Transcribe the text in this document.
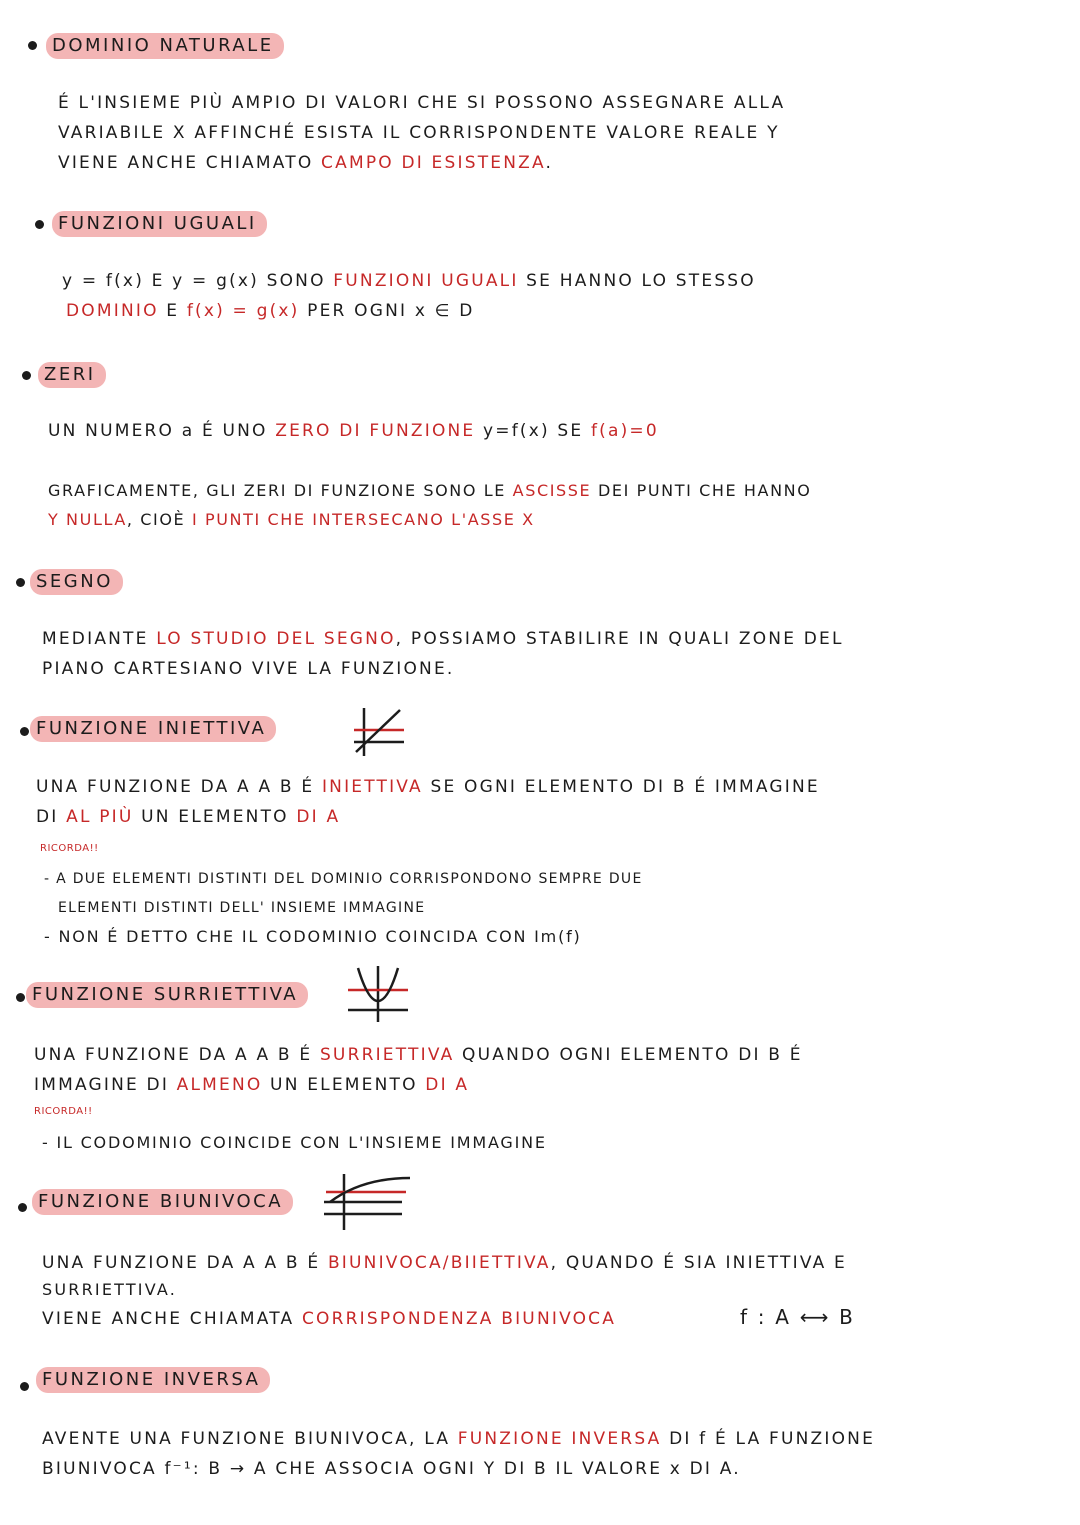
DOMINIO NATURALE
É L'INSIEME PIÙ AMPIO DI VALORI CHE SI POSSONO ASSEGNARE ALLA
VARIABILE X AFFINCHÉ ESISTA IL CORRISPONDENTE VALORE REALE Y
VIENE ANCHE CHIAMATO CAMPO DI ESISTENZA.
FUNZIONI UGUALI
y = f(x) E y = g(x) SONO FUNZIONI UGUALI SE HANNO LO STESSO
DOMINIO E f(x) = g(x) PER OGNI x ∈ D
ZERI
UN NUMERO a É UNO ZERO DI FUNZIONE y=f(x) SE f(a)=0
GRAFICAMENTE, GLI ZERI DI FUNZIONE SONO LE ASCISSE DEI PUNTI CHE HANNO
Y NULLA, CIOÈ I PUNTI CHE INTERSECANO L'ASSE X
SEGNO
MEDIANTE LO STUDIO DEL SEGNO, POSSIAMO STABILIRE IN QUALI ZONE DEL
PIANO CARTESIANO VIVE LA FUNZIONE.
FUNZIONE INIETTIVA
UNA FUNZIONE DA A A B É INIETTIVA SE OGNI ELEMENTO DI B É IMMAGINE
DI AL PIÙ UN ELEMENTO DI A
RICORDA!!
- A DUE ELEMENTI DISTINTI DEL DOMINIO CORRISPONDONO SEMPRE DUE
ELEMENTI DISTINTI DELL' INSIEME IMMAGINE
- NON É DETTO CHE IL CODOMINIO COINCIDA CON Im(f)
FUNZIONE SURRIETTIVA
UNA FUNZIONE DA A A B É SURRIETTIVA QUANDO OGNI ELEMENTO DI B É
IMMAGINE DI ALMENO UN ELEMENTO DI A
RICORDA!!
- IL CODOMINIO COINCIDE CON L'INSIEME IMMAGINE
FUNZIONE BIUNIVOCA
UNA FUNZIONE DA A A B É BIUNIVOCA/BIIETTIVA, QUANDO É SIA INIETTIVA E
SURRIETTIVA.
VIENE ANCHE CHIAMATA CORRISPONDENZA BIUNIVOCA	f : A ⟷ B
FUNZIONE INVERSA
AVENTE UNA FUNZIONE BIUNIVOCA, LA FUNZIONE INVERSA DI f É LA FUNZIONE
BIUNIVOCA f⁻¹: B → A CHE ASSOCIA OGNI Y DI B IL VALORE x DI A.
